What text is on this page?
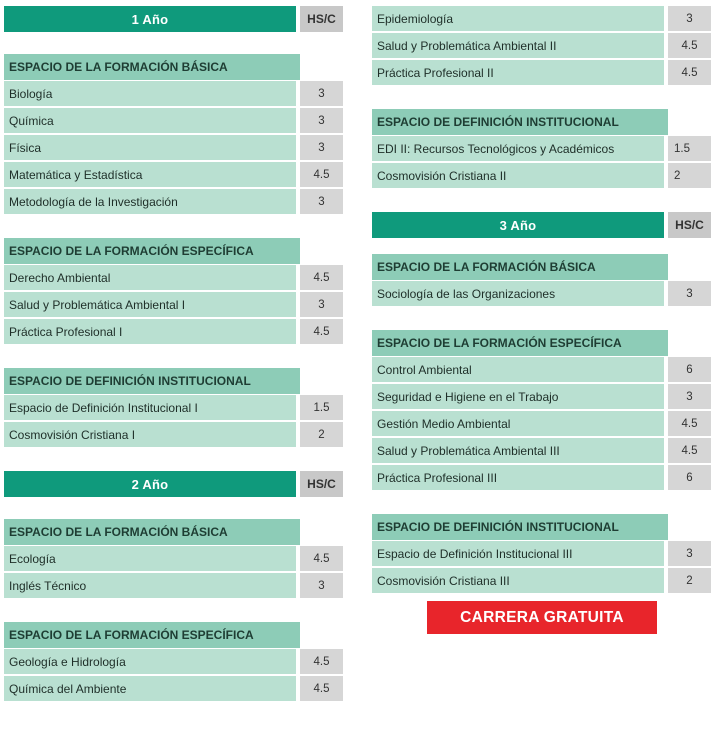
1 Año	HS/C
ESPACIO DE LA FORMACIÓN BÁSICA
Biología	3
Química	3
Física	3
Matemática y Estadística	4.5
Metodología de la Investigación	3
ESPACIO DE LA FORMACIÓN ESPECÍFICA
Derecho Ambiental	4.5
Salud y Problemática Ambiental I	3
Práctica Profesional I	4.5
ESPACIO DE DEFINICIÓN INSTITUCIONAL
Espacio de Definición Institucional I	1.5
Cosmovisión Cristiana I	2
2 Año	HS/C
ESPACIO DE LA FORMACIÓN BÁSICA
Ecología	4.5
Inglés Técnico	3
ESPACIO DE LA FORMACIÓN ESPECÍFICA
Geología e Hidrología	4.5
Química del Ambiente	4.5
Epidemiología	3
Salud y Problemática Ambiental II	4.5
Práctica Profesional II	4.5
ESPACIO DE DEFINICIÓN INSTITUCIONAL
EDI II: Recursos Tecnológicos y Académicos	1.5
Cosmovisión Cristiana II	2
3 Año	HS/C
ESPACIO DE LA FORMACIÓN BÁSICA
Sociología de las Organizaciones	3
ESPACIO DE LA FORMACIÓN ESPECÍFICA
Control Ambiental	6
Seguridad e Higiene en el Trabajo	3
Gestión Medio Ambiental	4.5
Salud y Problemática Ambiental III	4.5
Práctica Profesional III	6
ESPACIO DE DEFINICIÓN INSTITUCIONAL
Espacio de Definición Institucional III	3
Cosmovisión Cristiana III	2
CARRERA GRATUITA
